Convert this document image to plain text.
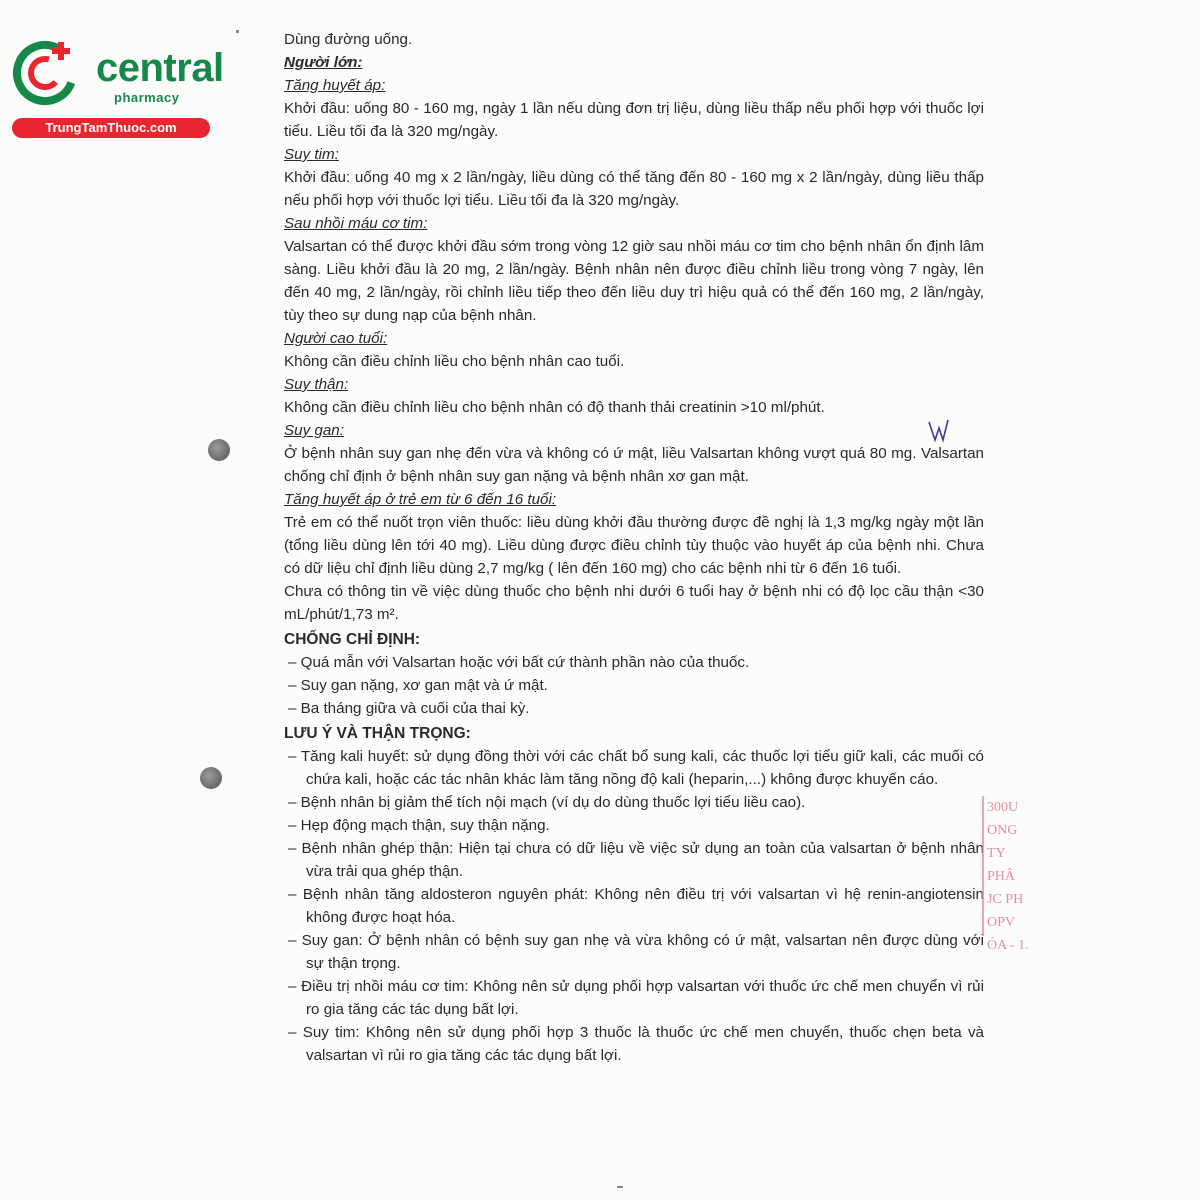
central
pharmacy
TrungTamThuoc.com

Dùng đường uống.

Người lớn:

Tăng huyết áp:

Khởi đầu: uống 80 - 160 mg, ngày 1 lần nếu dùng đơn trị liệu, dùng liều thấp nếu phối hợp với thuốc lợi tiểu. Liều tối đa là 320 mg/ngày.

Suy tim:

Khởi đầu: uống 40 mg x 2 lần/ngày, liều dùng có thể tăng đến 80 - 160 mg x 2 lần/ngày, dùng liều thấp nếu phối hợp với thuốc lợi tiểu. Liều tối đa là 320 mg/ngày.

Sau nhồi máu cơ tim:

Valsartan có thể được khởi đầu sớm trong vòng 12 giờ sau nhồi máu cơ tim cho bệnh nhân ổn định lâm sàng. Liều khởi đầu là 20 mg, 2 lần/ngày. Bệnh nhân nên được điều chỉnh liều trong vòng 7 ngày, lên đến 40 mg, 2 lần/ngày, rồi chỉnh liều tiếp theo đến liều duy trì hiệu quả có thể đến 160 mg, 2 lần/ngày, tùy theo sự dung nạp của bệnh nhân.

Người cao tuổi:

Không cần điều chỉnh liều cho bệnh nhân cao tuổi.

Suy thận:

Không cần điều chỉnh liều cho bệnh nhân có độ thanh thải creatinin >10 ml/phút.

Suy gan:

Ở bệnh nhân suy gan nhẹ đến vừa và không có ứ mật, liều Valsartan không vượt quá 80 mg. Valsartan chống chỉ định ở bệnh nhân suy gan nặng và bệnh nhân xơ gan mật.

Tăng huyết áp ở trẻ em từ 6 đến 16 tuổi:

Trẻ em có thể nuốt trọn viên thuốc: liều dùng khởi đầu thường được đề nghị là 1,3 mg/kg ngày một lần (tổng liều dùng lên tới 40 mg). Liều dùng được điều chỉnh tùy thuộc vào huyết áp của bệnh nhi. Chưa có dữ liệu chỉ định liều dùng 2,7 mg/kg ( lên đến 160 mg) cho các bệnh nhi từ 6 đến 16 tuổi.

Chưa có thông tin về việc dùng thuốc cho bệnh nhi dưới 6 tuổi hay ở bệnh nhi có độ lọc cầu thận <30 mL/phút/1,73 m².

CHỐNG CHỈ ĐỊNH:

– Quá mẫn với Valsartan hoặc với bất cứ thành phần nào của thuốc.

– Suy gan nặng, xơ gan mật và ứ mật.

– Ba tháng giữa và cuối của thai kỳ.

LƯU Ý VÀ THẬN TRỌNG:

– Tăng kali huyết: sử dụng đồng thời với các chất bổ sung kali, các thuốc lợi tiểu giữ kali, các muối có chứa kali, hoặc các tác nhân khác làm tăng nồng độ kali (heparin,...) không được khuyến cáo.

– Bệnh nhân bị giảm thể tích nội mạch (ví dụ do dùng thuốc lợi tiểu liều cao).

– Hẹp động mạch thận, suy thận nặng.

– Bệnh nhân ghép thận: Hiện tại chưa có dữ liệu về việc sử dụng an toàn của valsartan ở bệnh nhân vừa trải qua ghép thận.

– Bệnh nhân tăng aldosteron nguyên phát: Không nên điều trị với valsartan vì hệ renin-angiotensin không được hoạt hóa.

– Suy gan: Ở bệnh nhân có bệnh suy gan nhẹ và vừa không có ứ mật, valsartan nên được dùng với sự thận trọng.

– Điều trị nhồi máu cơ tim: Không nên sử dụng phối hợp valsartan với thuốc ức chế men chuyển vì rủi ro gia tăng các tác dụng bất lợi.

– Suy tim: Không nên sử dụng phối hợp 3 thuốc là thuốc ức chế men chuyển, thuốc chẹn beta và valsartan vì rủi ro gia tăng các tác dụng bất lợi.

300U
ONG TY
PHÂ
JC PH
OPV
ÓA - 1.
